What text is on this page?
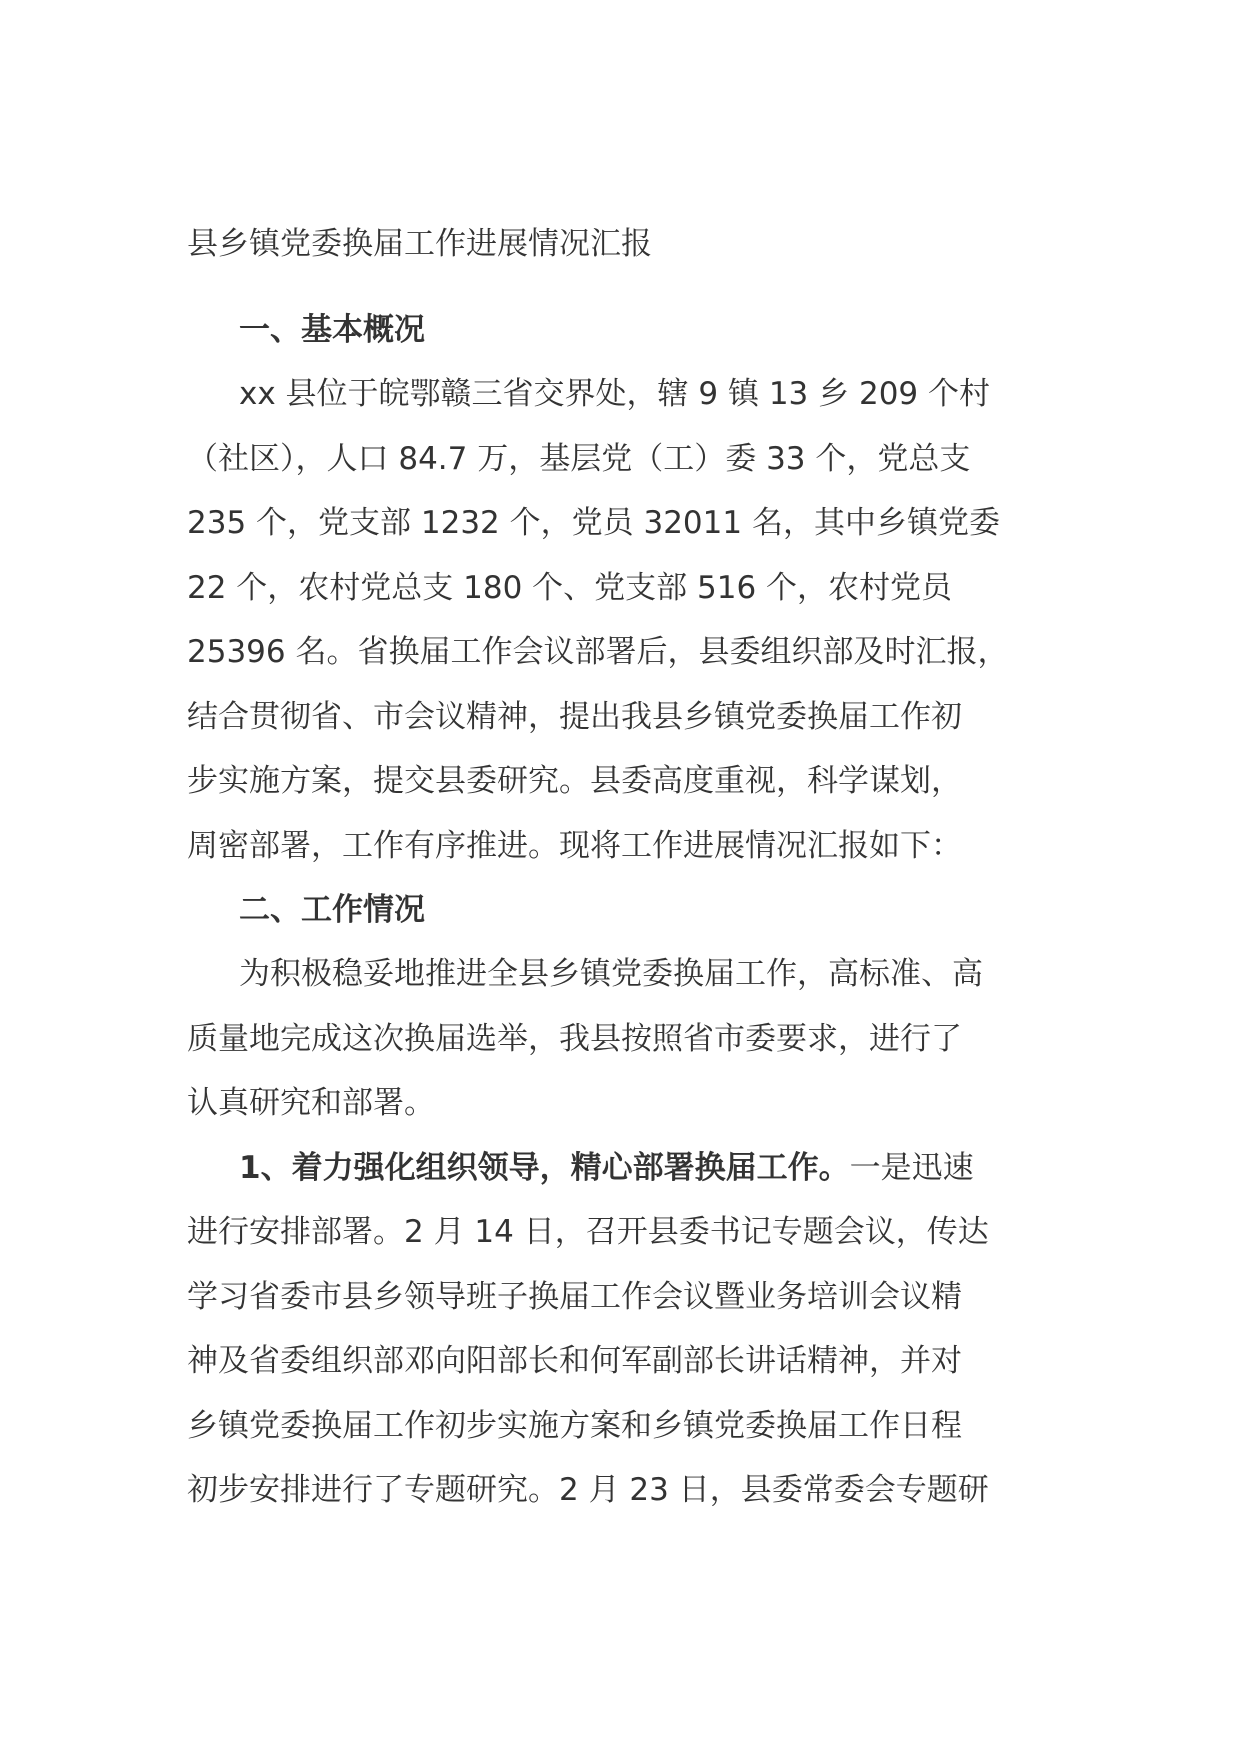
县乡镇党委换届工作进展情况汇报
一、基本概况
xx 县位于皖鄂赣三省交界处，辖 9 镇 13 乡 209 个村
（社区），人口 84.7 万，基层党（工）委 33 个，党总支
235 个，党支部 1232 个，党员 32011 名，其中乡镇党委
22 个，农村党总支 180 个、党支部 516 个，农村党员
25396 名。省换届工作会议部署后，县委组织部及时汇报，
结合贯彻省、市会议精神，提出我县乡镇党委换届工作初
步实施方案，提交县委研究。县委高度重视，科学谋划，
周密部署，工作有序推进。现将工作进展情况汇报如下：
二、工作情况
为积极稳妥地推进全县乡镇党委换届工作，高标准、高
质量地完成这次换届选举，我县按照省市委要求，进行了
认真研究和部署。
1、着力强化组织领导，精心部署换届工作。一是迅速
进行安排部署。2 月 14 日，召开县委书记专题会议，传达
学习省委市县乡领导班子换届工作会议暨业务培训会议精
神及省委组织部邓向阳部长和何军副部长讲话精神，并对
乡镇党委换届工作初步实施方案和乡镇党委换届工作日程
初步安排进行了专题研究。2 月 23 日，县委常委会专题研
